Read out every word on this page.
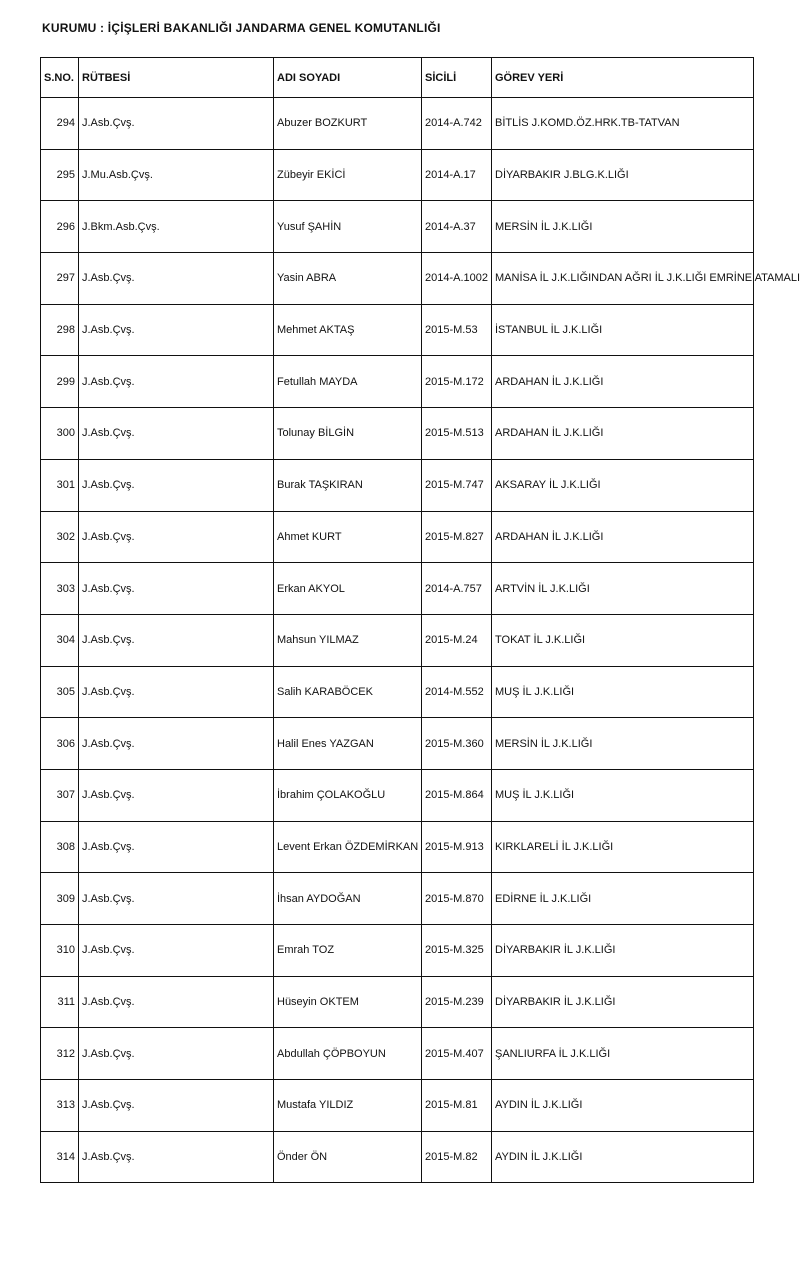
KURUMU : İÇİŞLERİ BAKANLIĞI JANDARMA GENEL KOMUTANLIĞI
S.NO.	RÜTBESİ	ADI SOYADI	SİCİLİ	GÖREV YERİ
294	J.Asb.Çvş.	Abuzer BOZKURT	2014-A.742	BİTLİS J.KOMD.ÖZ.HRK.TB-TATVAN
295	J.Mu.Asb.Çvş.	Zübeyir EKİCİ	2014-A.17	DİYARBAKIR J.BLG.K.LIĞI
296	J.Bkm.Asb.Çvş.	Yusuf ŞAHİN	2014-A.37	MERSİN İL J.K.LIĞI
297	J.Asb.Çvş.	Yasin ABRA	2014-A.1002	MANİSA İL J.K.LIĞINDAN AĞRI İL J.K.LIĞI EMRİNE ATAMALI
298	J.Asb.Çvş.	Mehmet AKTAŞ	2015-M.53	İSTANBUL İL J.K.LIĞI
299	J.Asb.Çvş.	Fetullah MAYDA	2015-M.172	ARDAHAN İL J.K.LIĞI
300	J.Asb.Çvş.	Tolunay BİLGİN	2015-M.513	ARDAHAN İL J.K.LIĞI
301	J.Asb.Çvş.	Burak TAŞKIRAN	2015-M.747	AKSARAY İL J.K.LIĞI
302	J.Asb.Çvş.	Ahmet KURT	2015-M.827	ARDAHAN İL J.K.LIĞI
303	J.Asb.Çvş.	Erkan AKYOL	2014-A.757	ARTVİN İL J.K.LIĞI
304	J.Asb.Çvş.	Mahsun YILMAZ	2015-M.24	TOKAT İL J.K.LIĞI
305	J.Asb.Çvş.	Salih KARABÖCEK	2014-M.552	MUŞ İL J.K.LIĞI
306	J.Asb.Çvş.	Halil Enes YAZGAN	2015-M.360	MERSİN İL J.K.LIĞI
307	J.Asb.Çvş.	İbrahim ÇOLAKOĞLU	2015-M.864	MUŞ İL J.K.LIĞI
308	J.Asb.Çvş.	Levent Erkan ÖZDEMİRKAN	2015-M.913	KIRKLARELİ İL J.K.LIĞI
309	J.Asb.Çvş.	İhsan AYDOĞAN	2015-M.870	EDİRNE İL J.K.LIĞI
310	J.Asb.Çvş.	Emrah TOZ	2015-M.325	DİYARBAKIR İL J.K.LIĞI
311	J.Asb.Çvş.	Hüseyin OKTEM	2015-M.239	DİYARBAKIR İL J.K.LIĞI
312	J.Asb.Çvş.	Abdullah ÇÖPBOYUN	2015-M.407	ŞANLIURFA İL J.K.LIĞI
313	J.Asb.Çvş.	Mustafa YILDIZ	2015-M.81	AYDIN İL J.K.LIĞI
314	J.Asb.Çvş.	Önder ÖN	2015-M.82	AYDIN İL J.K.LIĞI
